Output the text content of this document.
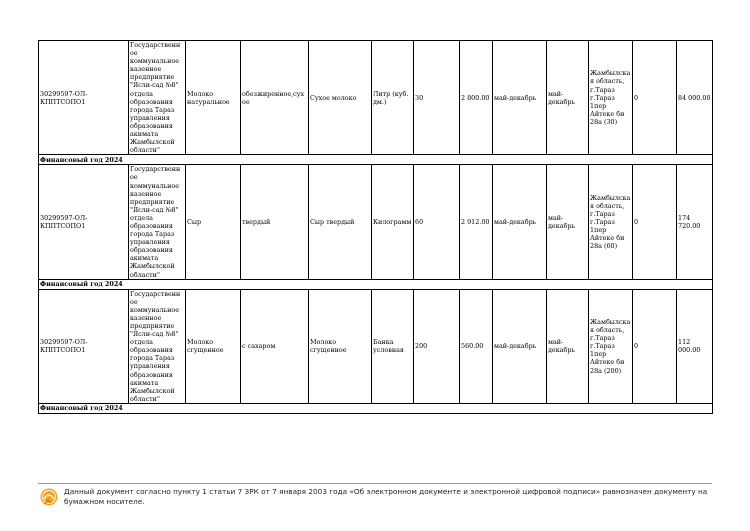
30299597-ОЛ-КППТСОПО1	Государственное коммунальное казенное предприятие "Ясли-сад №8" отдела образования города Тараз управления образования акимата Жамбылской области"	Молоко натуральное	обезжиренное,сухое	Сухое молоко	Литр (куб. дм.)	30	2 800.00	май-декабрь	май-декабрь	Жамбылская область, г.Тараз г.Тараз 1пер Айтеке би 28а (30)	0	84 000.00
Финансовый год 2024												
30299597-ОЛ-КППТСОПО1	Государственное коммунальное казенное предприятие "Ясли-сад №8" отдела образования города Тараз управления образования акимата Жамбылской области"	Сыр	твердый	Сыр твердый	Килограмм	60	2 912.00	май-декабрь	май-декабрь	Жамбылская область, г.Тараз г.Тараз 1пер Айтеке би 28а (60)	0	174 720.00
Финансовый год 2024												
30299597-ОЛ-КППТСОПО1	Государственное коммунальное казенное предприятие "Ясли-сад №8" отдела образования города Тараз управления образования акимата Жамбылской области"	Молоко сгущенное	с сахаром	Молоко сгущенное	Банка условная	200	560.00	май-декабрь	май-декабрь	Жамбылская область, г.Тараз г.Тараз 1пер Айтеке би 28а (200)	0	112 000.00
Финансовый год 2024												
Данный документ согласно пункту 1 статьи 7 ЗРК от 7 января 2003 года «Об электронном документе и электронной цифровой подписи» равнозначен документу на бумажном носителе.
